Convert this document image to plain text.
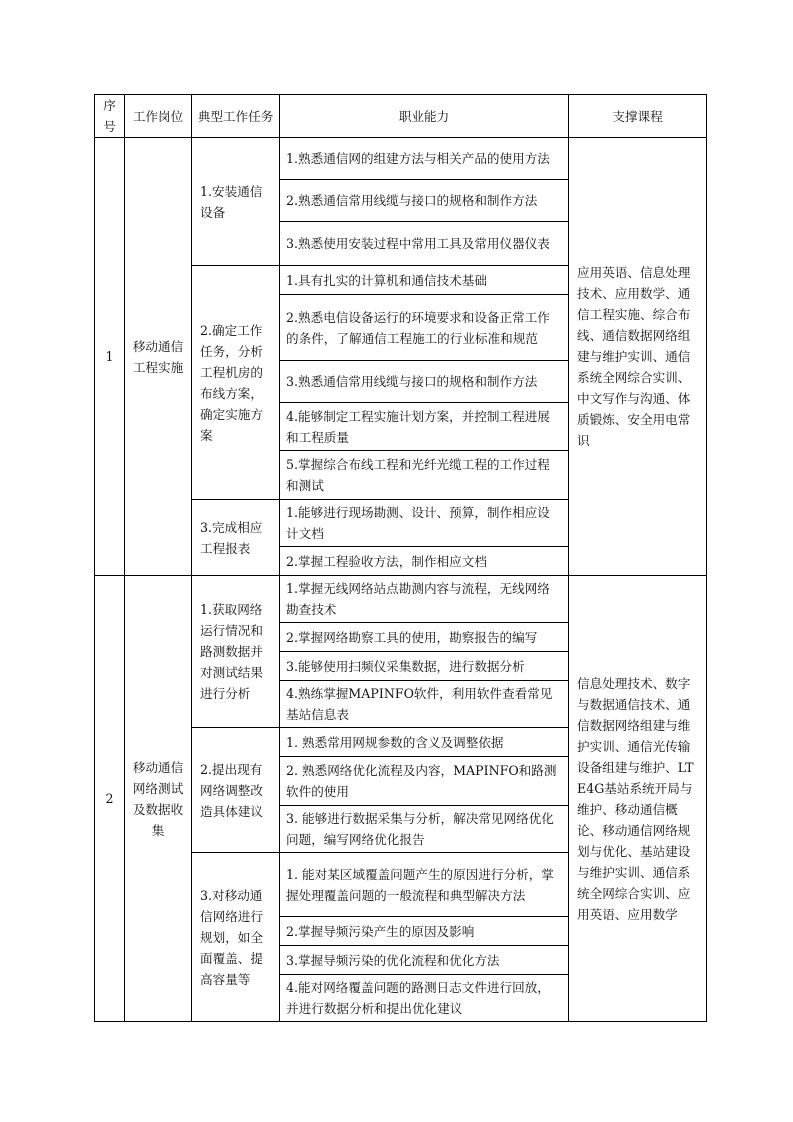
序号	工作岗位	典型工作任务	职业能力	支撑课程
1	移动通信工程实施	1.安装通信设备	1.熟悉通信网的组建方法与相关产品的使用方法	应用英语、信息处理技术、应用数学、通信工程实施、综合布线、通信数据网络组建与维护实训、通信系统全网综合实训、中文写作与沟通、体质锻炼、安全用电常识
			2.熟悉通信常用线缆与接口的规格和制作方法	
			3.熟悉使用安装过程中常用工具及常用仪器仪表	
		2.确定工作任务，分析工程机房的布线方案，确定实施方案	1.具有扎实的计算机和通信技术基础	
			2.熟悉电信设备运行的环境要求和设备正常工作的条件，了解通信工程施工的行业标准和规范	
			3.熟悉通信常用线缆与接口的规格和制作方法	
			4.能够制定工程实施计划方案，并控制工程进展和工程质量	
			5.掌握综合布线工程和光纤光缆工程的工作过程和测试	
		3.完成相应工程报表	1.能够进行现场勘测、设计、预算，制作相应设计文档	
			2.掌握工程验收方法，制作相应文档	
2	移动通信网络测试及数据收集	1.获取网络运行情况和路测数据并对测试结果进行分析	1.掌握无线网络站点勘测内容与流程，无线网络勘查技术	信息处理技术、数字与数据通信技术、通信数据网络组建与维护实训、通信光传输设备组建与维护、LTE4G基站系统开局与维护、移动通信概论、移动通信网络规划与优化、基站建设与维护实训、通信系统全网综合实训、应用英语、应用数学
			2.掌握网络勘察工具的使用，勘察报告的编写	
			3.能够使用扫频仪采集数据，进行数据分析	
			4.熟练掌握MAPINFO软件，利用软件查看常见基站信息表	
		2.提出现有网络调整改造具体建议	1. 熟悉常用网规参数的含义及调整依据	
			2. 熟悉网络优化流程及内容，MAPINFO和路测软件的使用	
			3. 能够进行数据采集与分析，解决常见网络优化问题，编写网络优化报告	
		3.对移动通信网络进行规划，如全面覆盖、提高容量等	1. 能对某区域覆盖问题产生的原因进行分析，掌握处理覆盖问题的一般流程和典型解决方法	
			2.掌握导频污染产生的原因及影响	
			3.掌握导频污染的优化流程和优化方法	
			4.能对网络覆盖问题的路测日志文件进行回放，并进行数据分析和提出优化建议	
